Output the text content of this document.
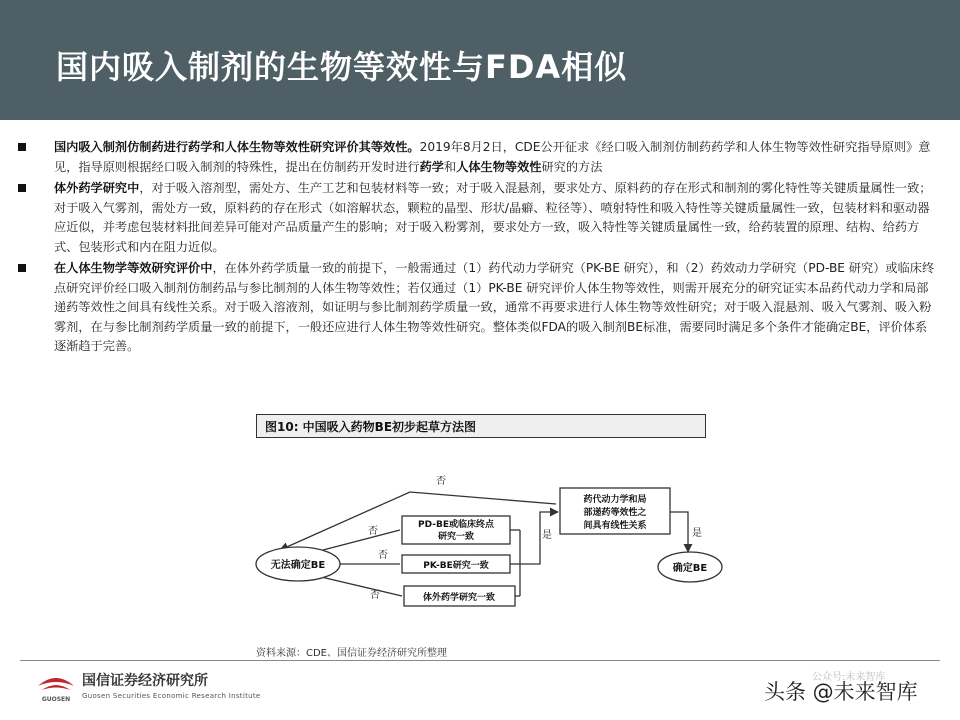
国内吸入制剂的生物等效性与FDA相似

国内吸入制剂仿制药进行药学和人体生物等效性研究评价其等效性。2019年8月2日，CDE公开征求《经口吸入制剂仿制药药学和人体生物等效性研究指导原则》意见，指导原则根据经口吸入制剂的特殊性，提出在仿制药开发时进行药学和人体生物等效性研究的方法

体外药学研究中，对于吸入溶剂型，需处方、生产工艺和包装材料等一致；对于吸入混悬剂，要求处方、原料药的存在形式和制剂的雾化特性等关键质量属性一致；对于吸入气雾剂，需处方一致，原料药的存在形式（如溶解状态，颗粒的晶型、形状/晶癖、粒径等）、喷射特性和吸入特性等关键质量属性一致，包装材料和驱动器应近似，并考虑包装材料批间差异可能对产品质量产生的影响；对于吸入粉雾剂，要求处方一致，吸入特性等关键质量属性一致，给药装置的原理、结构、给药方式、包装形式和内在阻力近似。

在人体生物学等效研究评价中，在体外药学质量一致的前提下，一般需通过（1）药代动力学研究（PK-BE 研究），和（2）药效动力学研究（PD-BE 研究）或临床终点研究评价经口吸入制剂仿制药品与参比制剂的人体生物等效性；若仅通过（1）PK-BE 研究评价人体生物等效性，则需开展充分的研究证实本品药代动力学和局部递药等效性之间具有线性关系。对于吸入溶液剂，如证明与参比制剂药学质量一致，通常不再要求进行人体生物等效性研究；对于吸入混悬剂、吸入气雾剂、吸入粉雾剂，在与参比制剂药学质量一致的前提下，一般还应进行人体生物等效性研究。整体类似FDA的吸入制剂BE标准，需要同时满足多个条件才能确定BE，评价体系逐渐趋于完善。

图10: 中国吸入药物BE初步起草方法图
否
否
否
否
是	是
无法确定BE
PD-BE或临床终点
研究一致
PK-BE研究一致
体外药学研究一致
药代动力学和局
部递药等效性之
间具有线性关系
确定BE
资料来源：CDE、国信证券经济研究所整理
GUOSEN
国信证券经济研究所
Guosen Securities Economic Research Institute
公众号:未来智库
头条 @未来智库
